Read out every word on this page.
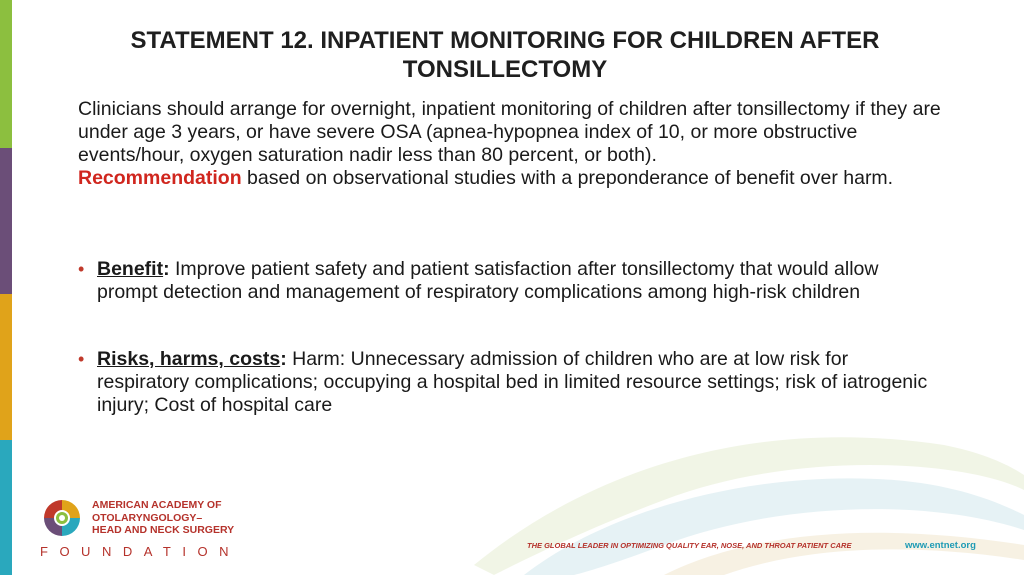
STATEMENT 12. INPATIENT MONITORING FOR CHILDREN AFTER TONSILLECTOMY

Clinicians should arrange for overnight, inpatient monitoring of children after tonsillectomy if they are under age 3 years, or have severe OSA (apnea-hypopnea index of 10, or more obstructive events/hour, oxygen saturation nadir less than 80 percent, or both).
Recommendation based on observational studies with a preponderance of benefit over harm.

• Benefit: Improve patient safety and patient satisfaction after tonsillectomy that would allow prompt detection and management of respiratory complications among high-risk children
• Risks, harms, costs: Harm: Unnecessary admission of children who are at low risk for respiratory complications; occupying a hospital bed in limited resource settings; risk of iatrogenic injury; Cost of hospital care

AMERICAN ACADEMY OF
OTOLARYNGOLOGY–
HEAD AND NECK SURGERY

FOUNDATION	THE GLOBAL LEADER IN OPTIMIZING QUALITY EAR, NOSE, AND THROAT PATIENT CARE	www.entnet.org
